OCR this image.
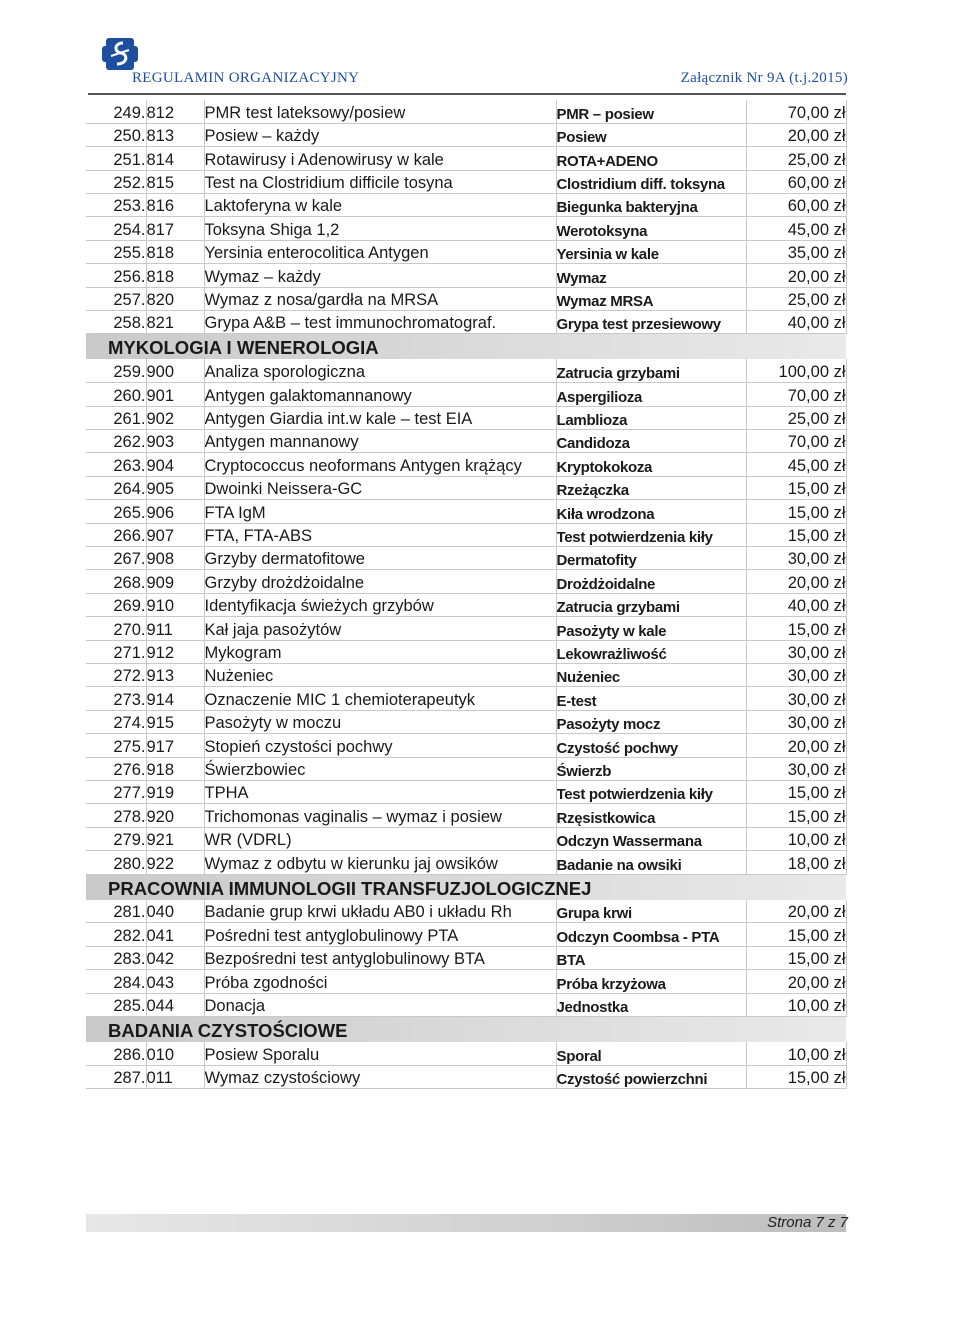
REGULAMIN ORGANIZACYJNY	Załącznik Nr 9A (t.j.2015)
249.	812	PMR test lateksowy/posiew	PMR – posiew	70,00 zł
250.	813	Posiew – każdy	Posiew	20,00 zł
251.	814	Rotawirusy i Adenowirusy w kale	ROTA+ADENO	25,00 zł
252.	815	Test na Clostridium difficile tosyna	Clostridium diff. toksyna	60,00 zł
253.	816	Laktoferyna w kale	Biegunka bakteryjna	60,00 zł
254.	817	Toksyna Shiga 1,2	Werotoksyna	45,00 zł
255.	818	Yersinia enterocolitica Antygen	Yersinia w kale	35,00 zł
256.	818	Wymaz – każdy	Wymaz	20,00 zł
257.	820	Wymaz z nosa/gardła na MRSA	Wymaz MRSA	25,00 zł
258.	821	Grypa A&B – test immunochromatograf.	Grypa test przesiewowy	40,00 zł
MYKOLOGIA I WENEROLOGIA				
259.	900	Analiza sporologiczna	Zatrucia grzybami	100,00 zł
260.	901	Antygen galaktomannanowy	Aspergilioza	70,00 zł
261.	902	Antygen Giardia int.w kale – test EIA	Lamblioza	25,00 zł
262.	903	Antygen mannanowy	Candidoza	70,00 zł
263.	904	Cryptococcus neoformans Antygen krążący	Kryptokokoza	45,00 zł
264.	905	Dwoinki Neissera-GC	Rzeżączka	15,00 zł
265.	906	FTA IgM	Kiła wrodzona	15,00 zł
266.	907	FTA, FTA-ABS	Test potwierdzenia kiły	15,00 zł
267.	908	Grzyby dermatofitowe	Dermatofity	30,00 zł
268.	909	Grzyby drożdżoidalne	Drożdżoidalne	20,00 zł
269.	910	Identyfikacja świeżych grzybów	Zatrucia grzybami	40,00 zł
270.	911	Kał jaja pasożytów	Pasożyty w kale	15,00 zł
271.	912	Mykogram	Lekowrażliwość	30,00 zł
272.	913	Nużeniec	Nużeniec	30,00 zł
273.	914	Oznaczenie MIC 1 chemioterapeutyk	E-test	30,00 zł
274.	915	Pasożyty w moczu	Pasożyty mocz	30,00 zł
275.	917	Stopień czystości pochwy	Czystość pochwy	20,00 zł
276.	918	Świerzbowiec	Świerzb	30,00 zł
277.	919	TPHA	Test potwierdzenia kiły	15,00 zł
278.	920	Trichomonas vaginalis – wymaz i posiew	Rzęsistkowica	15,00 zł
279.	921	WR (VDRL)	Odczyn Wassermana	10,00 zł
280.	922	Wymaz z odbytu w kierunku jaj owsików	Badanie na owsiki	18,00 zł
PRACOWNIA IMMUNOLOGII TRANSFUZJOLOGICZNEJ				
281.	040	Badanie grup krwi układu AB0 i układu Rh	Grupa krwi	20,00 zł
282.	041	Pośredni test antyglobulinowy PTA	Odczyn Coombsa - PTA	15,00 zł
283.	042	Bezpośredni test antyglobulinowy BTA	BTA	15,00 zł
284.	043	Próba zgodności	Próba krzyżowa	20,00 zł
285.	044	Donacja	Jednostka	10,00 zł
BADANIA CZYSTOŚCIOWE				
286.	010	Posiew Sporalu	Sporal	10,00 zł
287.	011	Wymaz czystościowy	Czystość powierzchni	15,00 zł
Strona 7 z 7
